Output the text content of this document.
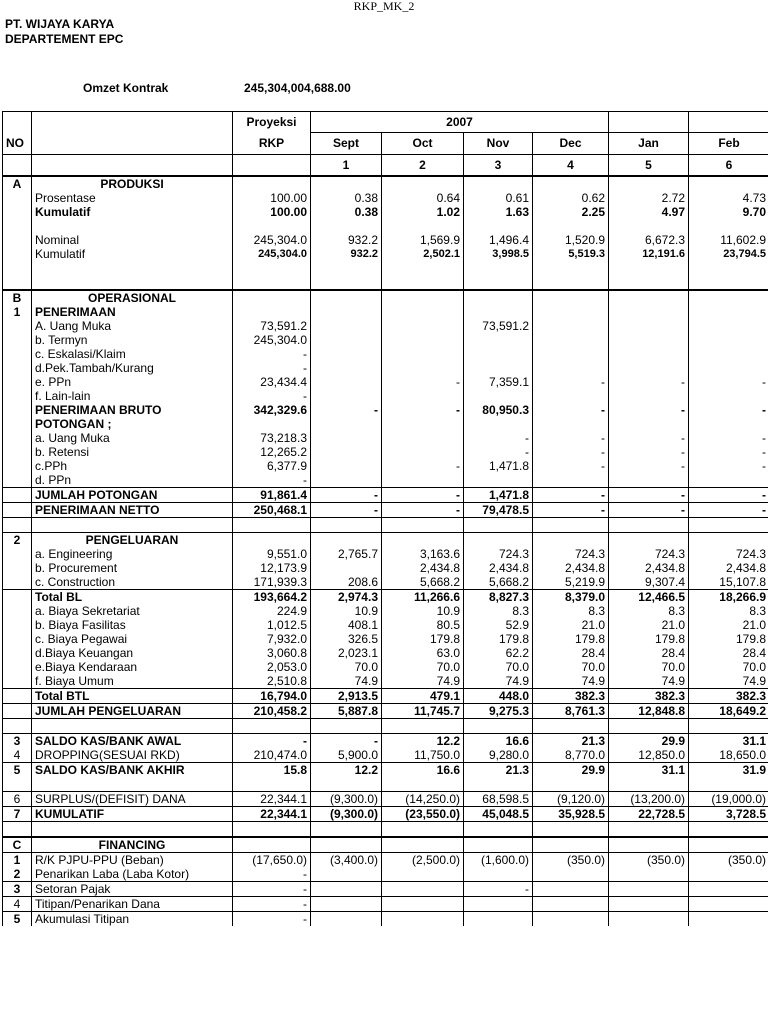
RKP_MK_2
PT. WIJAYA KARYA
DEPARTEMENT EPC
Omzet Kontrak	245,304,004,688.00
		Proyeksi	2007					
NO		RKP	Sept	Oct	Nov	Dec	Jan	Feb
			1	2	3	4	5	6
A	PRODUKSI							
	Prosentase	100.00	0.38	0.64	0.61	0.62	2.72	4.73
	Kumulatif	100.00	0.38	1.02	1.63	2.25	4.97	9.70

	Nominal	245,304.0	932.2	1,569.9	1,496.4	1,520.9	6,672.3	11,602.9
	Kumulatif	245,304.0	932.2	2,502.1	3,998.5	5,519.3	12,191.6	23,794.5

B	OPERASIONAL							
1	PENERIMAAN							
	A. Uang Muka	73,591.2			73,591.2			
	b. Termyn	245,304.0						
	c. Eskalasi/Klaim	-						
	d.Pek.Tambah/Kurang	-						
	e. PPn	23,434.4		-	7,359.1	-	-	-
	f. Lain-lain	-						
	PENERIMAAN BRUTO	342,329.6	-	-	80,950.3	-	-	-
	POTONGAN ;							
	a. Uang Muka	73,218.3			-	-	-	-
	b. Retensi	12,265.2			-	-	-	-
	c.PPh	6,377.9		-	1,471.8	-	-	-
	d. PPn	-						
	JUMLAH POTONGAN	91,861.4	-	-	1,471.8	-	-	-
	PENERIMAAN NETTO	250,468.1	-	-	79,478.5	-	-	-

2	PENGELUARAN							
	a. Engineering	9,551.0	2,765.7	3,163.6	724.3	724.3	724.3	724.3
	b. Procurement	12,173.9		2,434.8	2,434.8	2,434.8	2,434.8	2,434.8
	c. Construction	171,939.3	208.6	5,668.2	5,668.2	5,219.9	9,307.4	15,107.8
	Total BL	193,664.2	2,974.3	11,266.6	8,827.3	8,379.0	12,466.5	18,266.9
	a. Biaya Sekretariat	224.9	10.9	10.9	8.3	8.3	8.3	8.3
	b. Biaya Fasilitas	1,012.5	408.1	80.5	52.9	21.0	21.0	21.0
	c. Biaya Pegawai	7,932.0	326.5	179.8	179.8	179.8	179.8	179.8
	d.Biaya Keuangan	3,060.8	2,023.1	63.0	62.2	28.4	28.4	28.4
	e.Biaya Kendaraan	2,053.0	70.0	70.0	70.0	70.0	70.0	70.0
	f. Biaya Umum	2,510.8	74.9	74.9	74.9	74.9	74.9	74.9
	Total BTL	16,794.0	2,913.5	479.1	448.0	382.3	382.3	382.3
	JUMLAH PENGELUARAN	210,458.2	5,887.8	11,745.7	9,275.3	8,761.3	12,848.8	18,649.2

3	SALDO KAS/BANK AWAL	-	-	12.2	16.6	21.3	29.9	31.1
4	DROPPING(SESUAI RKD)	210,474.0	5,900.0	11,750.0	9,280.0	8,770.0	12,850.0	18,650.0
5	SALDO KAS/BANK AKHIR	15.8	12.2	16.6	21.3	29.9	31.1	31.9

6	SURPLUS/(DEFISIT) DANA	22,344.1	(9,300.0)	(14,250.0)	68,598.5	(9,120.0)	(13,200.0)	(19,000.0)
7	KUMULATIF	22,344.1	(9,300.0)	(23,550.0)	45,048.5	35,928.5	22,728.5	3,728.5

C	FINANCING							
1	R/K PJPU-PPU (Beban)	(17,650.0)	(3,400.0)	(2,500.0)	(1,600.0)	(350.0)	(350.0)	(350.0)
2	Penarikan Laba (Laba Kotor)	-						
3	Setoran Pajak	-			-			
4	Titipan/Penarikan Dana	-						
5	Akumulasi Titipan	-						
